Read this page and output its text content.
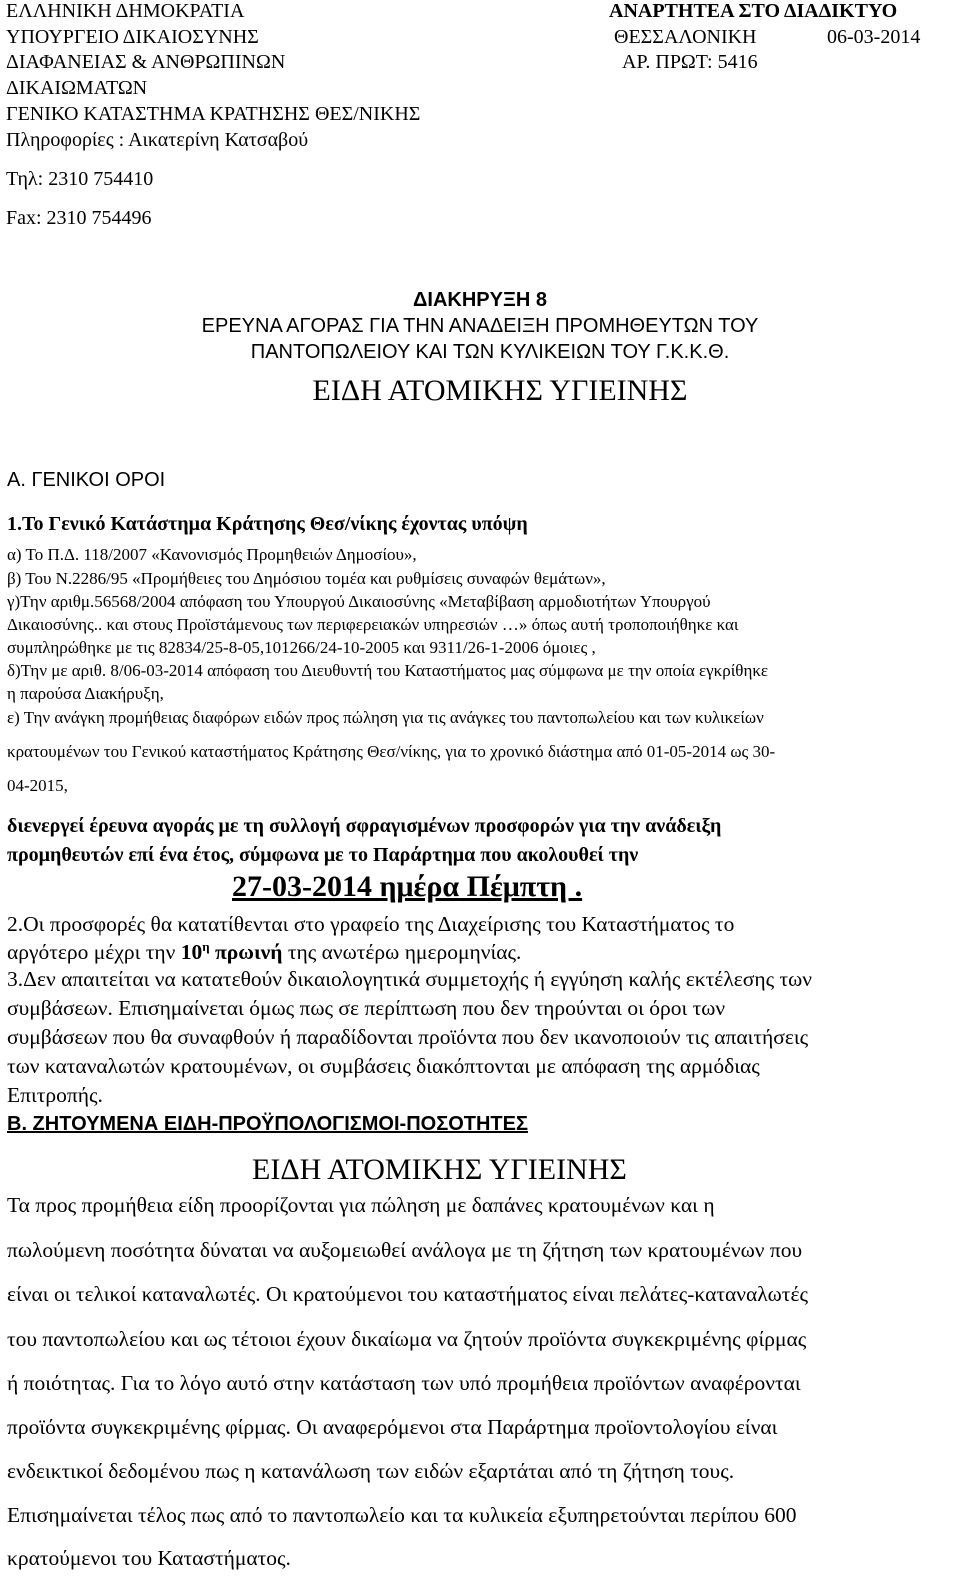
ΕΛΛΗΝΙΚΗ ΔΗΜΟΚΡΑΤΙΑ
ΥΠΟΥΡΓΕΙΟ ΔΙΚΑΙΟΣΥΝΗΣ
ΔΙΑΦΑΝΕΙΑΣ & ΑΝΘΡΩΠΙΝΩΝ
ΔΙΚΑΙΩΜΑΤΩΝ
ΓΕΝΙΚΟ ΚΑΤΑΣΤΗΜΑ ΚΡΑΤΗΣΗΣ ΘΕΣ/ΝΙΚΗΣ
Πληροφορίες : Αικατερίνη Κατσαβού
Τηλ: 2310 754410
Fax: 2310 754496
ΑΝΑΡΤΗΤΕΑ ΣΤΟ ΔΙΑΔΙΚΤΥΟ
ΘΕΣΣΑΛΟΝΙΚΗ	06-03-2014
ΑΡ. ΠΡΩΤ: 5416
ΔΙΑΚΗΡΥΞΗ 8
ΕΡΕΥΝΑ ΑΓΟΡΑΣ ΓΙΑ ΤΗΝ ΑΝΑΔΕΙΞΗ ΠΡΟΜΗΘΕΥΤΩΝ ΤΟΥ
ΠΑΝΤΟΠΩΛΕΙΟΥ ΚΑΙ ΤΩΝ ΚΥΛΙΚΕΙΩΝ ΤΟΥ Γ.Κ.Κ.Θ.
ΕΙΔΗ ΑΤΟΜΙΚΗΣ ΥΓΙΕΙΝΗΣ
Α. ΓΕΝΙΚΟΙ ΟΡΟΙ
1.Το Γενικό Κατάστημα Κράτησης Θεσ/νίκης έχοντας υπόψη
α) Το Π.Δ. 118/2007 «Κανονισμός Προμηθειών Δημοσίου»,
β) Του Ν.2286/95 «Προμήθειες του Δημόσιου τομέα και ρυθμίσεις συναφών θεμάτων»,
γ)Την αριθμ.56568/2004 απόφαση του Υπουργού Δικαιοσύνης «Μεταβίβαση αρμοδιοτήτων Υπουργού
Δικαιοσύνης.. και στους Προϊστάμενους των περιφερειακών υπηρεσιών …» όπως αυτή τροποποιήθηκε και
συμπληρώθηκε με τις 82834/25-8-05,101266/24-10-2005 και 9311/26-1-2006 όμοιες ,
δ)Την με αριθ. 8/06-03-2014 απόφαση του Διευθυντή του Καταστήματος μας σύμφωνα με την οποία εγκρίθηκε
η παρούσα Διακήρυξη,
ε) Την ανάγκη προμήθειας διαφόρων ειδών προς πώληση για τις ανάγκες του παντοπωλείου και των κυλικείων
κρατουμένων του Γενικού καταστήματος Κράτησης Θεσ/νίκης, για το χρονικό διάστημα από 01-05-2014 ως 30-
04-2015,
διενεργεί έρευνα αγοράς με τη συλλογή σφραγισμένων προσφορών για την ανάδειξη
προμηθευτών επί ένα έτος, σύμφωνα με το Παράρτημα που ακολουθεί την
27-03-2014 ημέρα Πέμπτη .
2.Οι προσφορές θα κατατίθενται στο γραφείο της Διαχείρισης του Καταστήματος το
αργότερο μέχρι την $10^\eta$ πρωινή της ανωτέρω ημερομηνίας.
3.Δεν απαιτείται να κατατεθούν δικαιολογητικά συμμετοχής ή εγγύηση καλής εκτέλεσης των
συμβάσεων. Επισημαίνεται όμως πως σε περίπτωση που δεν τηρούνται οι όροι των
συμβάσεων που θα συναφθούν ή παραδίδονται προϊόντα που δεν ικανοποιούν τις απαιτήσεις
των καταναλωτών κρατουμένων, οι συμβάσεις διακόπτονται με απόφαση της αρμόδιας
Επιτροπής.
Β. ΖΗΤΟΥΜΕΝΑ ΕΙΔΗ-ΠΡΟΫΠΟΛΟΓΙΣΜΟΙ-ΠΟΣΟΤΗΤΕΣ
ΕΙΔΗ ΑΤΟΜΙΚΗΣ ΥΓΙΕΙΝΗΣ
Τα προς προμήθεια είδη προορίζονται για πώληση με δαπάνες κρατουμένων και η
πωλούμενη ποσότητα δύναται να αυξομειωθεί ανάλογα με τη ζήτηση των κρατουμένων που
είναι οι τελικοί καταναλωτές. Οι κρατούμενοι του καταστήματος είναι πελάτες-καταναλωτές
του παντοπωλείου και ως τέτοιοι έχουν δικαίωμα να ζητούν προϊόντα συγκεκριμένης φίρμας
ή ποιότητας. Για το λόγο αυτό στην κατάσταση των υπό προμήθεια προϊόντων αναφέρονται
προϊόντα συγκεκριμένης φίρμας. Οι αναφερόμενοι στα Παράρτημα προϊοντολογίου είναι
ενδεικτικοί δεδομένου πως η κατανάλωση των ειδών εξαρτάται από τη ζήτηση τους.
Επισημαίνεται τέλος πως από το παντοπωλείο και τα κυλικεία εξυπηρετούνται περίπου 600
κρατούμενοι του Καταστήματος.
